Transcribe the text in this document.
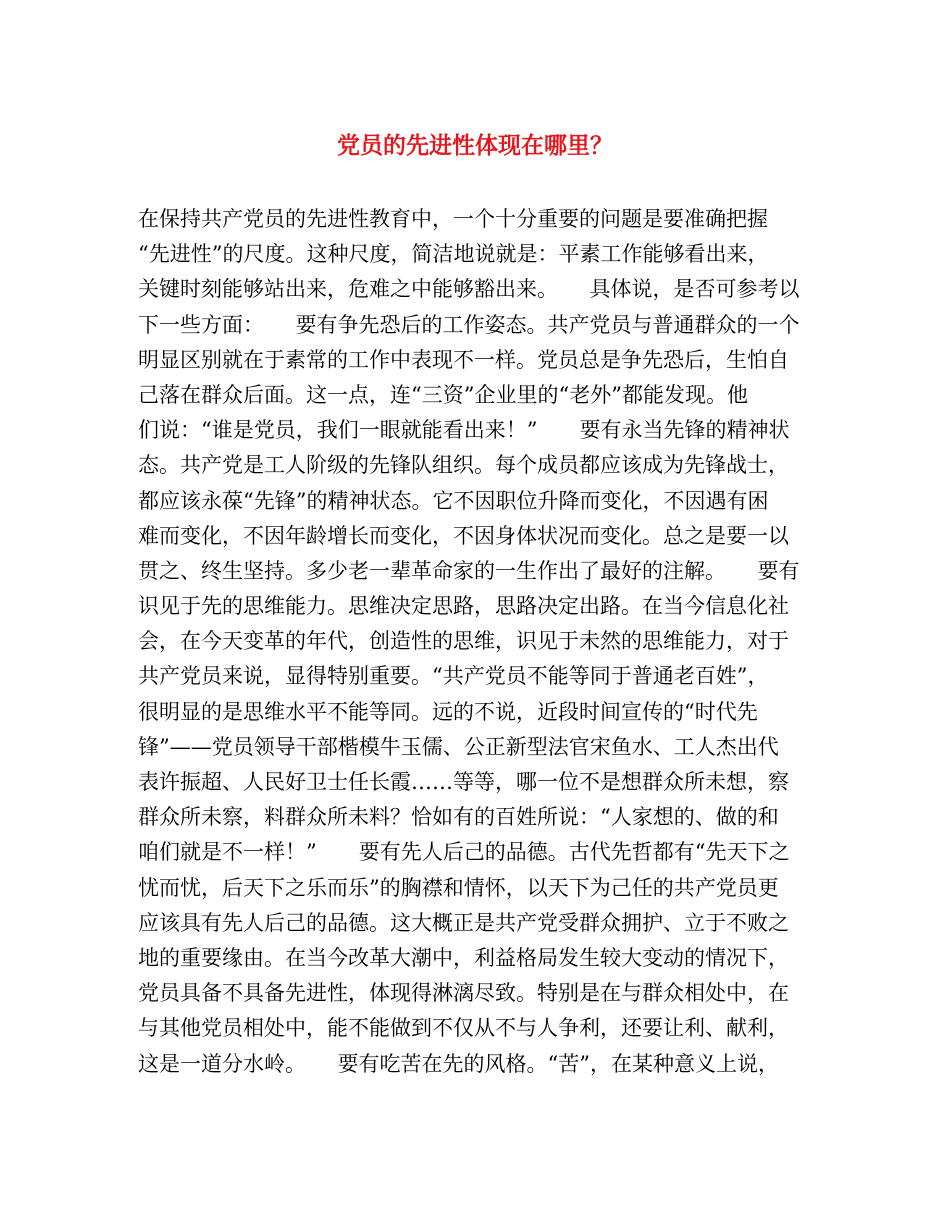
党员的先进性体现在哪里？
在保持共产党员的先进性教育中，一个十分重要的问题是要准确把握
“先进性”的尺度。这种尺度，简洁地说就是：平素工作能够看出来，
关键时刻能够站出来，危难之中能够豁出来。　　具体说，是否可参考以
下一些方面：　　要有争先恐后的工作姿态。共产党员与普通群众的一个
明显区别就在于素常的工作中表现不一样。党员总是争先恐后，生怕自
己落在群众后面。这一点，连“三资”企业里的“老外”都能发现。他
们说：“谁是党员，我们一眼就能看出来！”　　要有永当先锋的精神状
态。共产党是工人阶级的先锋队组织。每个成员都应该成为先锋战士，
都应该永葆“先锋”的精神状态。它不因职位升降而变化，不因遇有困
难而变化，不因年龄增长而变化，不因身体状况而变化。总之是要一以
贯之、终生坚持。多少老一辈革命家的一生作出了最好的注解。　　要有
识见于先的思维能力。思维决定思路，思路决定出路。在当今信息化社
会，在今天变革的年代，创造性的思维，识见于未然的思维能力，对于
共产党员来说，显得特别重要。“共产党员不能等同于普通老百姓”，
很明显的是思维水平不能等同。远的不说，近段时间宣传的“时代先
锋”——党员领导干部楷模牛玉儒、公正新型法官宋鱼水、工人杰出代
表许振超、人民好卫士任长霞……等等，哪一位不是想群众所未想，察
群众所未察，料群众所未料？恰如有的百姓所说：“人家想的、做的和
咱们就是不一样！”　　要有先人后己的品德。古代先哲都有“先天下之
忧而忧，后天下之乐而乐”的胸襟和情怀，以天下为己任的共产党员更
应该具有先人后己的品德。这大概正是共产党受群众拥护、立于不败之
地的重要缘由。在当今改革大潮中，利益格局发生较大变动的情况下，
党员具备不具备先进性，体现得淋漓尽致。特别是在与群众相处中，在
与其他党员相处中，能不能做到不仅从不与人争利，还要让利、献利，
这是一道分水岭。　　要有吃苦在先的风格。“苦”，在某种意义上说，
